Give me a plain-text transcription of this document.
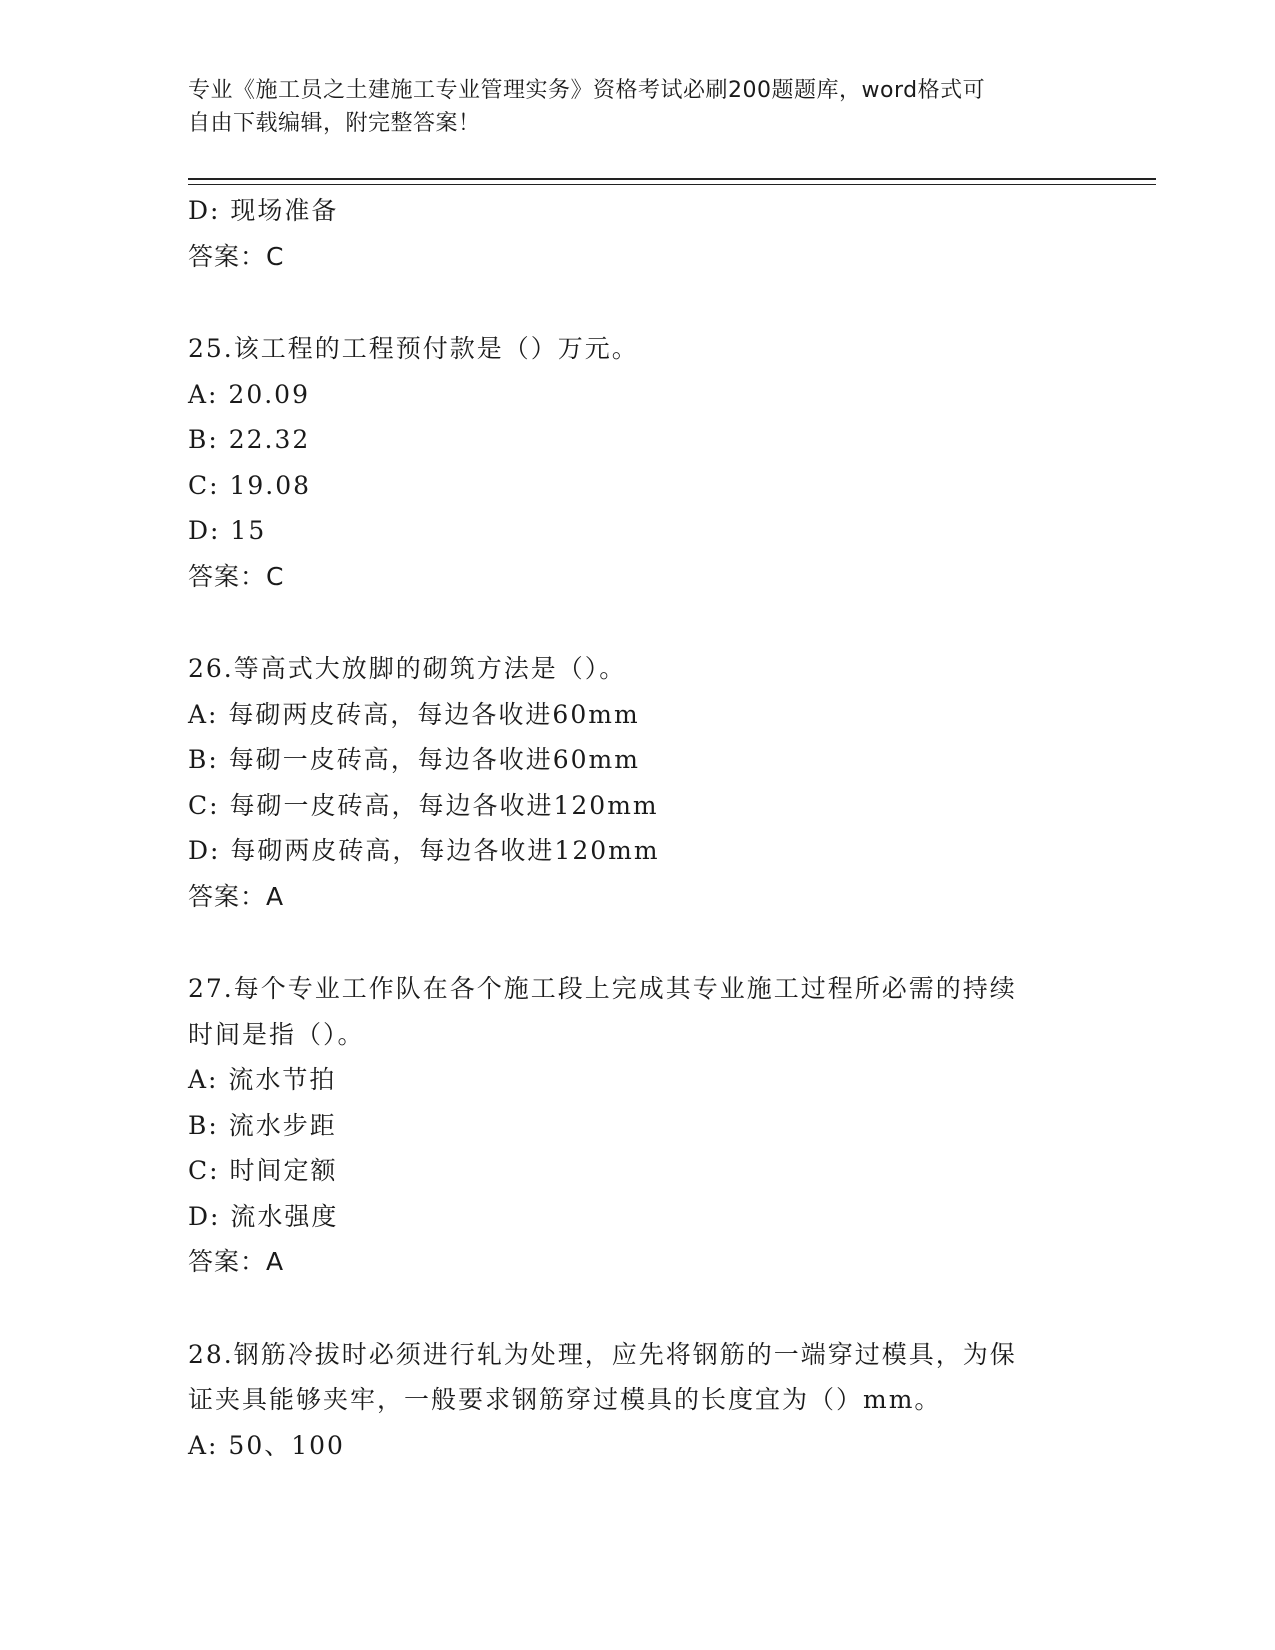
专业《施工员之土建施工专业管理实务》资格考试必刷200题题库，word格式可
自由下载编辑，附完整答案！
D: 现场准备
答案：C
25.该工程的工程预付款是（）万元。
A: 20.09
B: 22.32
C: 19.08
D: 15
答案：C
26.等高式大放脚的砌筑方法是（）。
A: 每砌两皮砖高，每边各收进60mm
B: 每砌一皮砖高，每边各收进60mm
C: 每砌一皮砖高，每边各收进120mm
D: 每砌两皮砖高，每边各收进120mm
答案：A
27.每个专业工作队在各个施工段上完成其专业施工过程所必需的持续
时间是指（）。
A: 流水节拍
B: 流水步距
C: 时间定额
D: 流水强度
答案：A
28.钢筋冷拔时必须进行轧为处理，应先将钢筋的一端穿过模具，为保
证夹具能够夹牢，一般要求钢筋穿过模具的长度宜为（）mm。
A: 50、100
